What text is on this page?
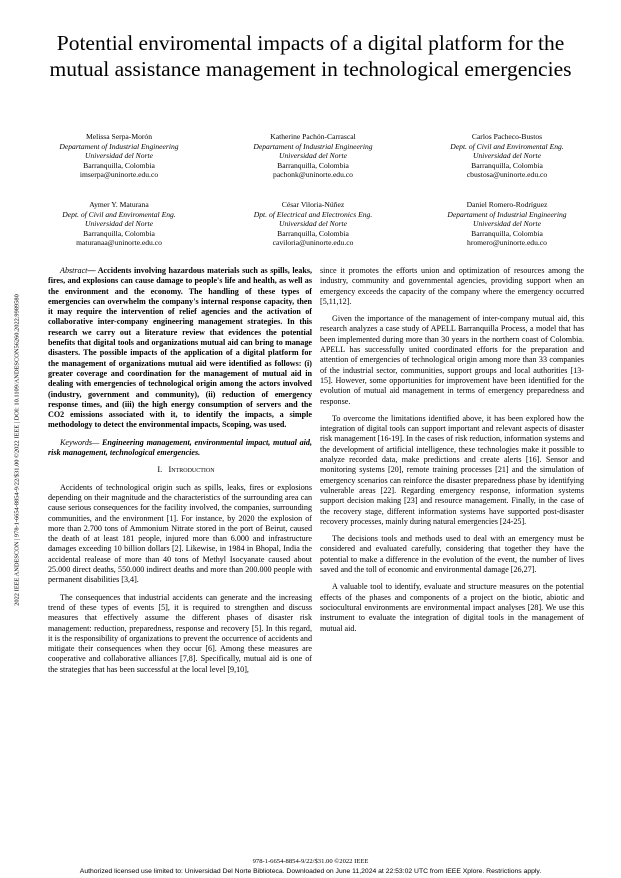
2022 IEEE ANDESCON | 978-1-6654-8854-9/22/$31.00 ©2022 IEEE | DOI: 10.1109/ANDESCON56260.2022.9989580
Potential enviromental impacts of a digital platform for the mutual assistance management in technological emergencies
Melissa Serpa-Morón
Departament of Industrial Engineering
Universidad del Norte
Barranquilla, Colombia
imserpa@uninorte.edu.co
Katherine Pachón-Carrascal
Departament of Industrial Engineering
Universidad del Norte
Barranquilla, Colombia
pachonk@uninorte.edu.co
Carlos Pacheco-Bustos
Dept. of Civil and Enviromental Eng.
Universidad del Norte
Barranquilla, Colombia
cbustosa@uninorte.edu.co
Aymer Y. Maturana
Dept. of Civil and Enviromental Eng.
Universidad del Norte
Barranquilla, Colombia
maturanaa@uninorte.edu.co
César Viloria-Núñez
Dpt. of Electrical and Electronics Eng.
Universidad del Norte
Barranquilla, Colombia
caviloria@uninorte.edu.co
Daniel Romero-Rodríguez
Departament of Industrial Engineering
Universidad del Norte
Barranquilla, Colombia
hromero@uninorte.edu.co

Abstract— Accidents involving hazardous materials such as spills, leaks, fires, and explosions can cause damage to people's life and health, as well as the environment and the economy. The handling of these types of emergencies can overwhelm the company's internal response capacity, then it may require the intervention of relief agencies and the activation of collaborative inter-company engineering management strategies. In this research we carry out a literature review that evidences the potential benefits that digital tools and organizations mutual aid can bring to manage disasters. The possible impacts of the application of a digital platform for the management of organizations mutual aid were identified as follows: (i) greater coverage and coordination for the management of mutual aid in dealing with emergencies of technological origin among the actors involved (industry, government and community), (ii) reduction of emergency response times, and (iii) the high energy consumption of servers and the CO2 emissions associated with it, to identify the impacts, a simple methodology to detect the environmental impacts, Scoping, was used.

Keywords— Engineering management, environmental impact, mutual aid, risk management, technological emergencies.

I. Introduction

Accidents of technological origin such as spills, leaks, fires or explosions depending on their magnitude and the characteristics of the surrounding area can cause serious consequences for the facility involved, the companies, surrounding communities, and the environment [1]. For instance, by 2020 the explosion of more than 2.700 tons of Ammonium Nitrate stored in the port of Beirut, caused the death of at least 181 people, injured more than 6.000 and infrastructure damages exceeding 10 billion dollars [2]. Likewise, in 1984 in Bhopal, India the accidental realease of more than 40 tons of Methyl Isocyanate caused about 25.000 direct deaths, 550.000 indirect deaths and more than 200.000 people with permanent disabilities [3,4].

The consequences that industrial accidents can generate and the increasing trend of these types of events [5], it is required to strengthen and discuss measures that effectively assume the different phases of disaster risk management: reduction, preparedness, response and recovery [5]. In this regard, it is the responsibility of organizations to prevent the occurrence of accidents and mitigate their consequences when they occur [6]. Among these measures are cooperative and collaborative alliances [7,8]. Specifically, mutual aid is one of the strategies that has been successful at the local level [9,10],

since it promotes the efforts union and optimization of resources among the industry, community and governmental agencies, providing support when an emergency exceeds the capacity of the company where the emergency occurred [5,11,12].

Given the importance of the management of inter-company mutual aid, this research analyzes a case study of APELL Barranquilla Process, a model that has been implemented during more than 30 years in the northern coast of Colombia. APELL has successfully united coordinated efforts for the preparation and attention of emergencies of technological origin among more than 33 companies of the industrial sector, communities, support groups and local authorities [13-15]. However, some opportunities for improvement have been identified for the evolution of mutual aid management in terms of emergency preparedness and response.

To overcome the limitations identified above, it has been explored how the integration of digital tools can support important and relevant aspects of disaster risk management [16-19]. In the cases of risk reduction, information systems and the development of artificial intelligence, these technologies make it possible to analyze recorded data, make predictions and create alerts [16]. Sensor and monitoring systems [20], remote training processes [21] and the simulation of emergency scenarios can reinforce the disaster preparedness phase by identifying vulnerable areas [22]. Regarding emergency response, information systems support decision making [23] and resource management. Finally, in the case of the recovery stage, different information systems have supported post-disaster recovery processes, mainly during natural emergencies [24-25].

The decisions tools and methods used to deal with an emergency must be considered and evaluated carefully, considering that together they have the potential to make a difference in the evolution of the event, the number of lives saved and the toll of economic and environmental damage [26,27].

A valuable tool to identify, evaluate and structure measures on the potential effects of the phases and components of a project on the biotic, abiotic and sociocultural environments are environmental impact analyses [28]. We use this instrument to evaluate the integration of digital tools in the management of mutual aid.

978-1-6654-8854-9/22/$31.00 ©2022 IEEE
Authorized licensed use limited to: Universidad Del Norte Biblioteca. Downloaded on June 11,2024 at 22:53:02 UTC from IEEE Xplore. Restrictions apply.
